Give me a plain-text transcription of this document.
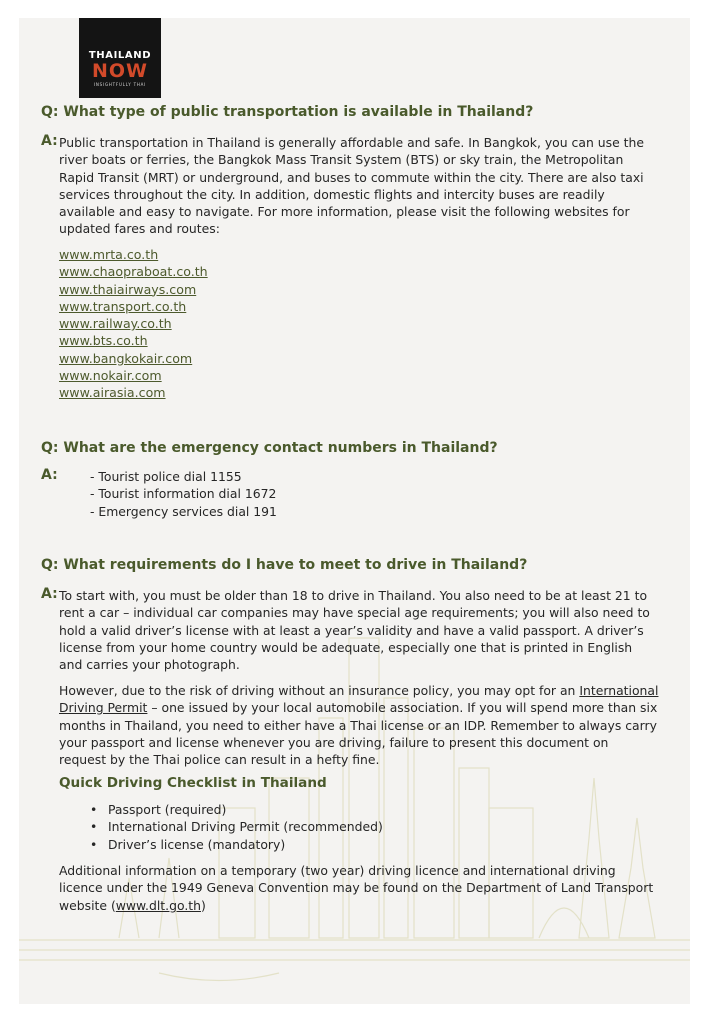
THAILAND
NOW
INSIGHTFULLY THAI
Q: What type of public transportation is available in Thailand?
A: Public transportation in Thailand is generally affordable and safe. In Bangkok, you can use the river boats or ferries, the Bangkok Mass Transit System (BTS) or sky train, the Metropolitan Rapid Transit (MRT) or underground, and buses to commute within the city. There are also taxi services throughout the city. In addition, domestic flights and intercity buses are readily available and easy to navigate. For more information, please visit the following websites for updated fares and routes:
www.mrta.co.th
www.chaopraboat.co.th
www.thaiairways.com
www.transport.co.th
www.railway.co.th
www.bts.co.th
www.bangkokair.com
www.nokair.com
www.airasia.com
Q: What are the emergency contact numbers in Thailand?
A:	- Tourist police dial 1155
- Tourist information dial 1672
- Emergency services dial 191
Q: What requirements do I have to meet to drive in Thailand?
A: To start with, you must be older than 18 to drive in Thailand. You also need to be at least 21 to rent a car – individual car companies may have special age requirements; you will also need to hold a valid driver’s license with at least a year’s validity and have a valid passport. A driver’s license from your home country would be adequate, especially one that is printed in English and carries your photograph.
However, due to the risk of driving without an insurance policy, you may opt for an International Driving Permit – one issued by your local automobile association. If you will spend more than six months in Thailand, you need to either have a Thai license or an IDP. Remember to always carry your passport and license whenever you are driving, failure to present this document on request by the Thai police can result in a hefty fine.
Quick Driving Checklist in Thailand
• Passport (required)
• International Driving Permit (recommended)
• Driver’s license (mandatory)
Additional information on a temporary (two year) driving licence and international driving licence under the 1949 Geneva Convention may be found on the Department of Land Transport website (www.dlt.go.th)
